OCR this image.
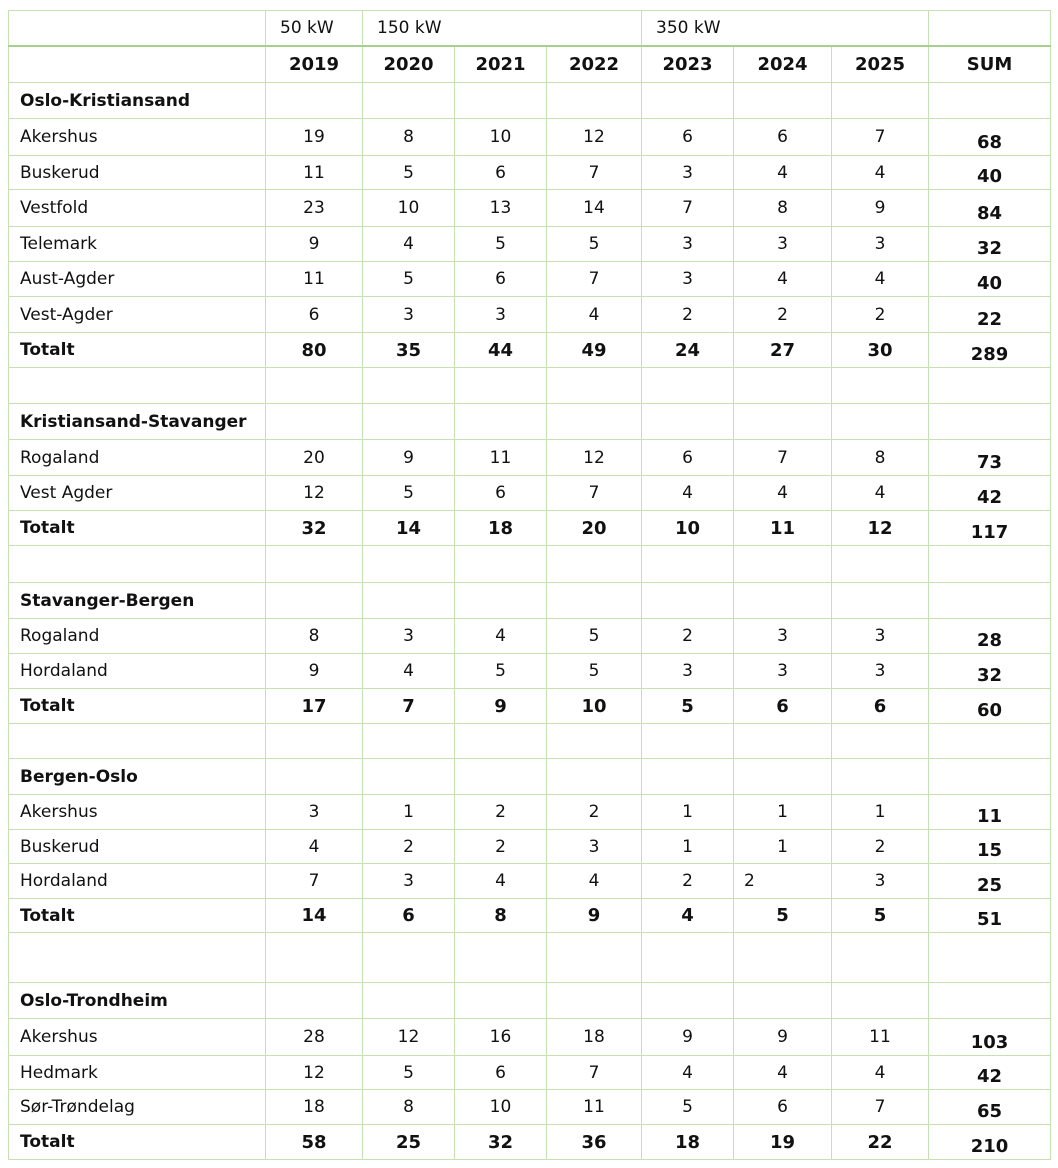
	50 kW	150 kW			350 kW			
	2019	2020	2021	2022	2023	2024	2025	SUM
Oslo-Kristiansand								
Akershus	19	8	10	12	6	6	7	68
Buskerud	11	5	6	7	3	4	4	40
Vestfold	23	10	13	14	7	8	9	84
Telemark	9	4	5	5	3	3	3	32
Aust-Agder	11	5	6	7	3	4	4	40
Vest-Agder	6	3	3	4	2	2	2	22
Totalt	80	35	44	49	24	27	30	289

Kristiansand-Stavanger								
Rogaland	20	9	11	12	6	7	8	73
Vest Agder	12	5	6	7	4	4	4	42
Totalt	32	14	18	20	10	11	12	117

Stavanger-Bergen								
Rogaland	8	3	4	5	2	3	3	28
Hordaland	9	4	5	5	3	3	3	32
Totalt	17	7	9	10	5	6	6	60

Bergen-Oslo								
Akershus	3	1	2	2	1	1	1	11
Buskerud	4	2	2	3	1	1	2	15
Hordaland	7	3	4	4	2	2	3	25
Totalt	14	6	8	9	4	5	5	51

Oslo-Trondheim								
Akershus	28	12	16	18	9	9	11	103
Hedmark	12	5	6	7	4	4	4	42
Sør-Trøndelag	18	8	10	11	5	6	7	65
Totalt	58	25	32	36	18	19	22	210
